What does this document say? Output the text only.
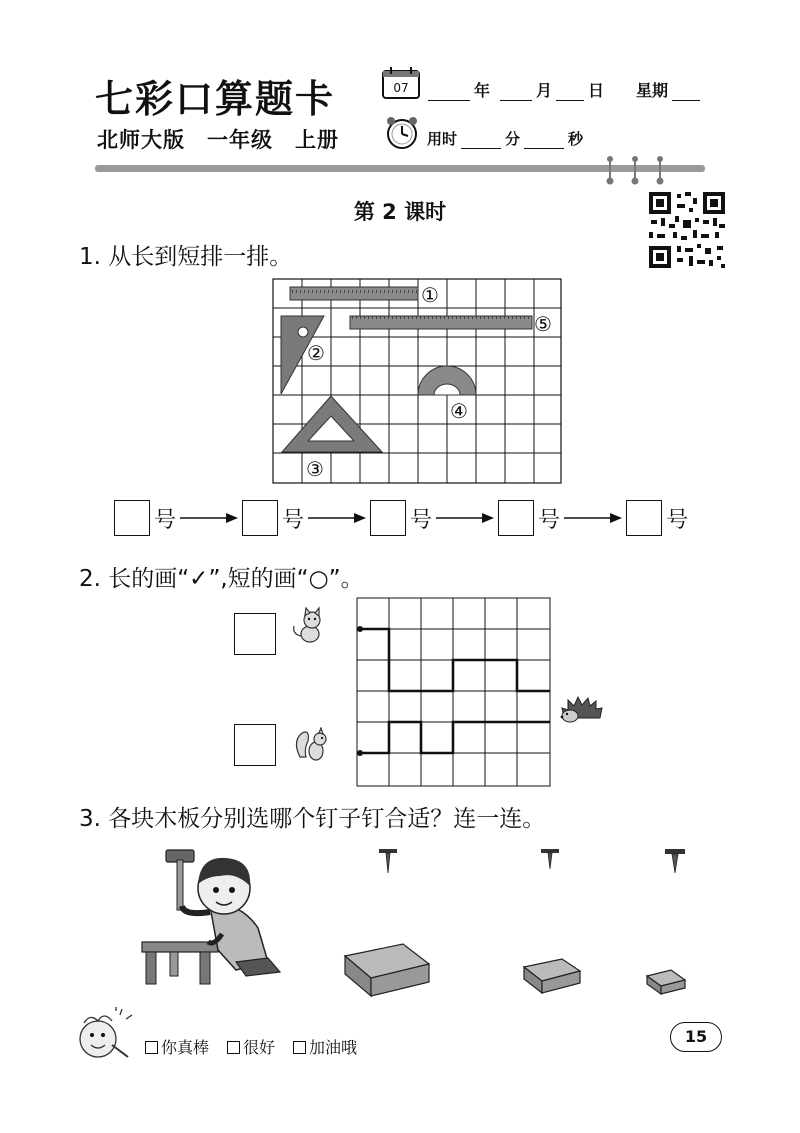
七彩口算题卡	07	年	月 日 星期
北师大版　一年级　上册	用时	分	秒
第 2 课时
1. 从长到短排一排。
①
②
③
④
⑤
号	号	号	号	号
2. 长的画“✓”,短的画“○”。
3. 各块木板分别选哪个钉子钉合适？连一连。
你真棒	很好	加油哦
15
